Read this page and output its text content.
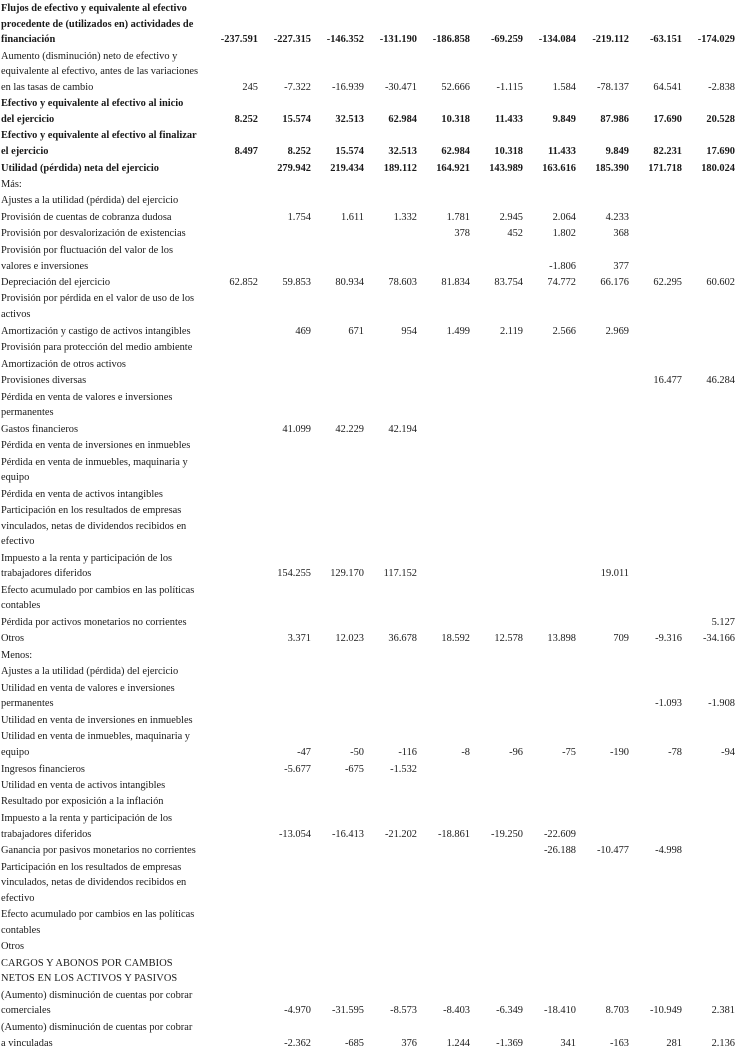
Flujos de efectivo y equivalente al efectivo procedente de (utilizados en) actividades de financiación	-237.591	-227.315	-146.352	-131.190	-186.858	-69.259	-134.084	-219.112	-63.151	-174.029
Aumento (disminución) neto de efectivo y equivalente al efectivo, antes de las variaciones en las tasas de cambio	245	-7.322	-16.939	-30.471	52.666	-1.115	1.584	-78.137	64.541	-2.838
Efectivo y equivalente al efectivo al inicio del ejercicio	8.252	15.574	32.513	62.984	10.318	11.433	9.849	87.986	17.690	20.528
Efectivo y equivalente al efectivo al finalizar el ejercicio	8.497	8.252	15.574	32.513	62.984	10.318	11.433	9.849	82.231	17.690
Utilidad (pérdida) neta del ejercicio		279.942	219.434	189.112	164.921	143.989	163.616	185.390	171.718	180.024
Más:										
Ajustes a la utilidad (pérdida) del ejercicio										
Provisión de cuentas de cobranza dudosa		1.754	1.611	1.332	1.781	2.945	2.064	4.233		
Provisión por desvalorización de existencias					378	452	1.802	368		
Provisión por fluctuación del valor de los valores e inversiones							-1.806	377		
Depreciación del ejercicio	62.852	59.853	80.934	78.603	81.834	83.754	74.772	66.176	62.295	60.602
Provisión por pérdida en el valor de uso de los activos										
Amortización y castigo de activos intangibles		469	671	954	1.499	2.119	2.566	2.969		
Provisión para protección del medio ambiente										
Amortización de otros activos										
Provisiones diversas									16.477	46.284
Pérdida en venta de valores e inversiones permanentes										
Gastos financieros		41.099	42.229	42.194						
Pérdida en venta de inversiones en inmuebles										
Pérdida en venta de inmuebles, maquinaria y equipo										
Pérdida en venta de activos intangibles										
Participación en los resultados de empresas vinculados, netas de dividendos recibidos en efectivo										
Impuesto a la renta y participación de los trabajadores diferidos		154.255	129.170	117.152				19.011		
Efecto acumulado por cambios en las políticas contables										
Pérdida por activos monetarios no corrientes										5.127
Otros		3.371	12.023	36.678	18.592	12.578	13.898	709	-9.316	-34.166
Menos:										
Ajustes a la utilidad (pérdida) del ejercicio										
Utilidad en venta de valores e inversiones permanentes									-1.093	-1.908
Utilidad en venta de inversiones en inmuebles										
Utilidad en venta de inmuebles, maquinaria y equipo		-47	-50	-116	-8	-96	-75	-190	-78	-94
Ingresos financieros		-5.677	-675	-1.532						
Utilidad en venta de activos intangibles										
Resultado por exposición a la inflación										
Impuesto a la renta y participación de los trabajadores diferidos		-13.054	-16.413	-21.202	-18.861	-19.250	-22.609			
Ganancia por pasivos monetarios no corrientes							-26.188	-10.477	-4.998	
Participación en los resultados de empresas vinculados, netas de dividendos recibidos en efectivo										
Efecto acumulado por cambios en las políticas contables										
Otros										
CARGOS Y ABONOS POR CAMBIOS NETOS EN LOS ACTIVOS Y PASIVOS										
(Aumento) disminución de cuentas por cobrar comerciales		-4.970	-31.595	-8.573	-8.403	-6.349	-18.410	8.703	-10.949	2.381
(Aumento) disminución de cuentas por cobrar a vinculadas		-2.362	-685	376	1.244	-1.369	341	-163	281	2.136
